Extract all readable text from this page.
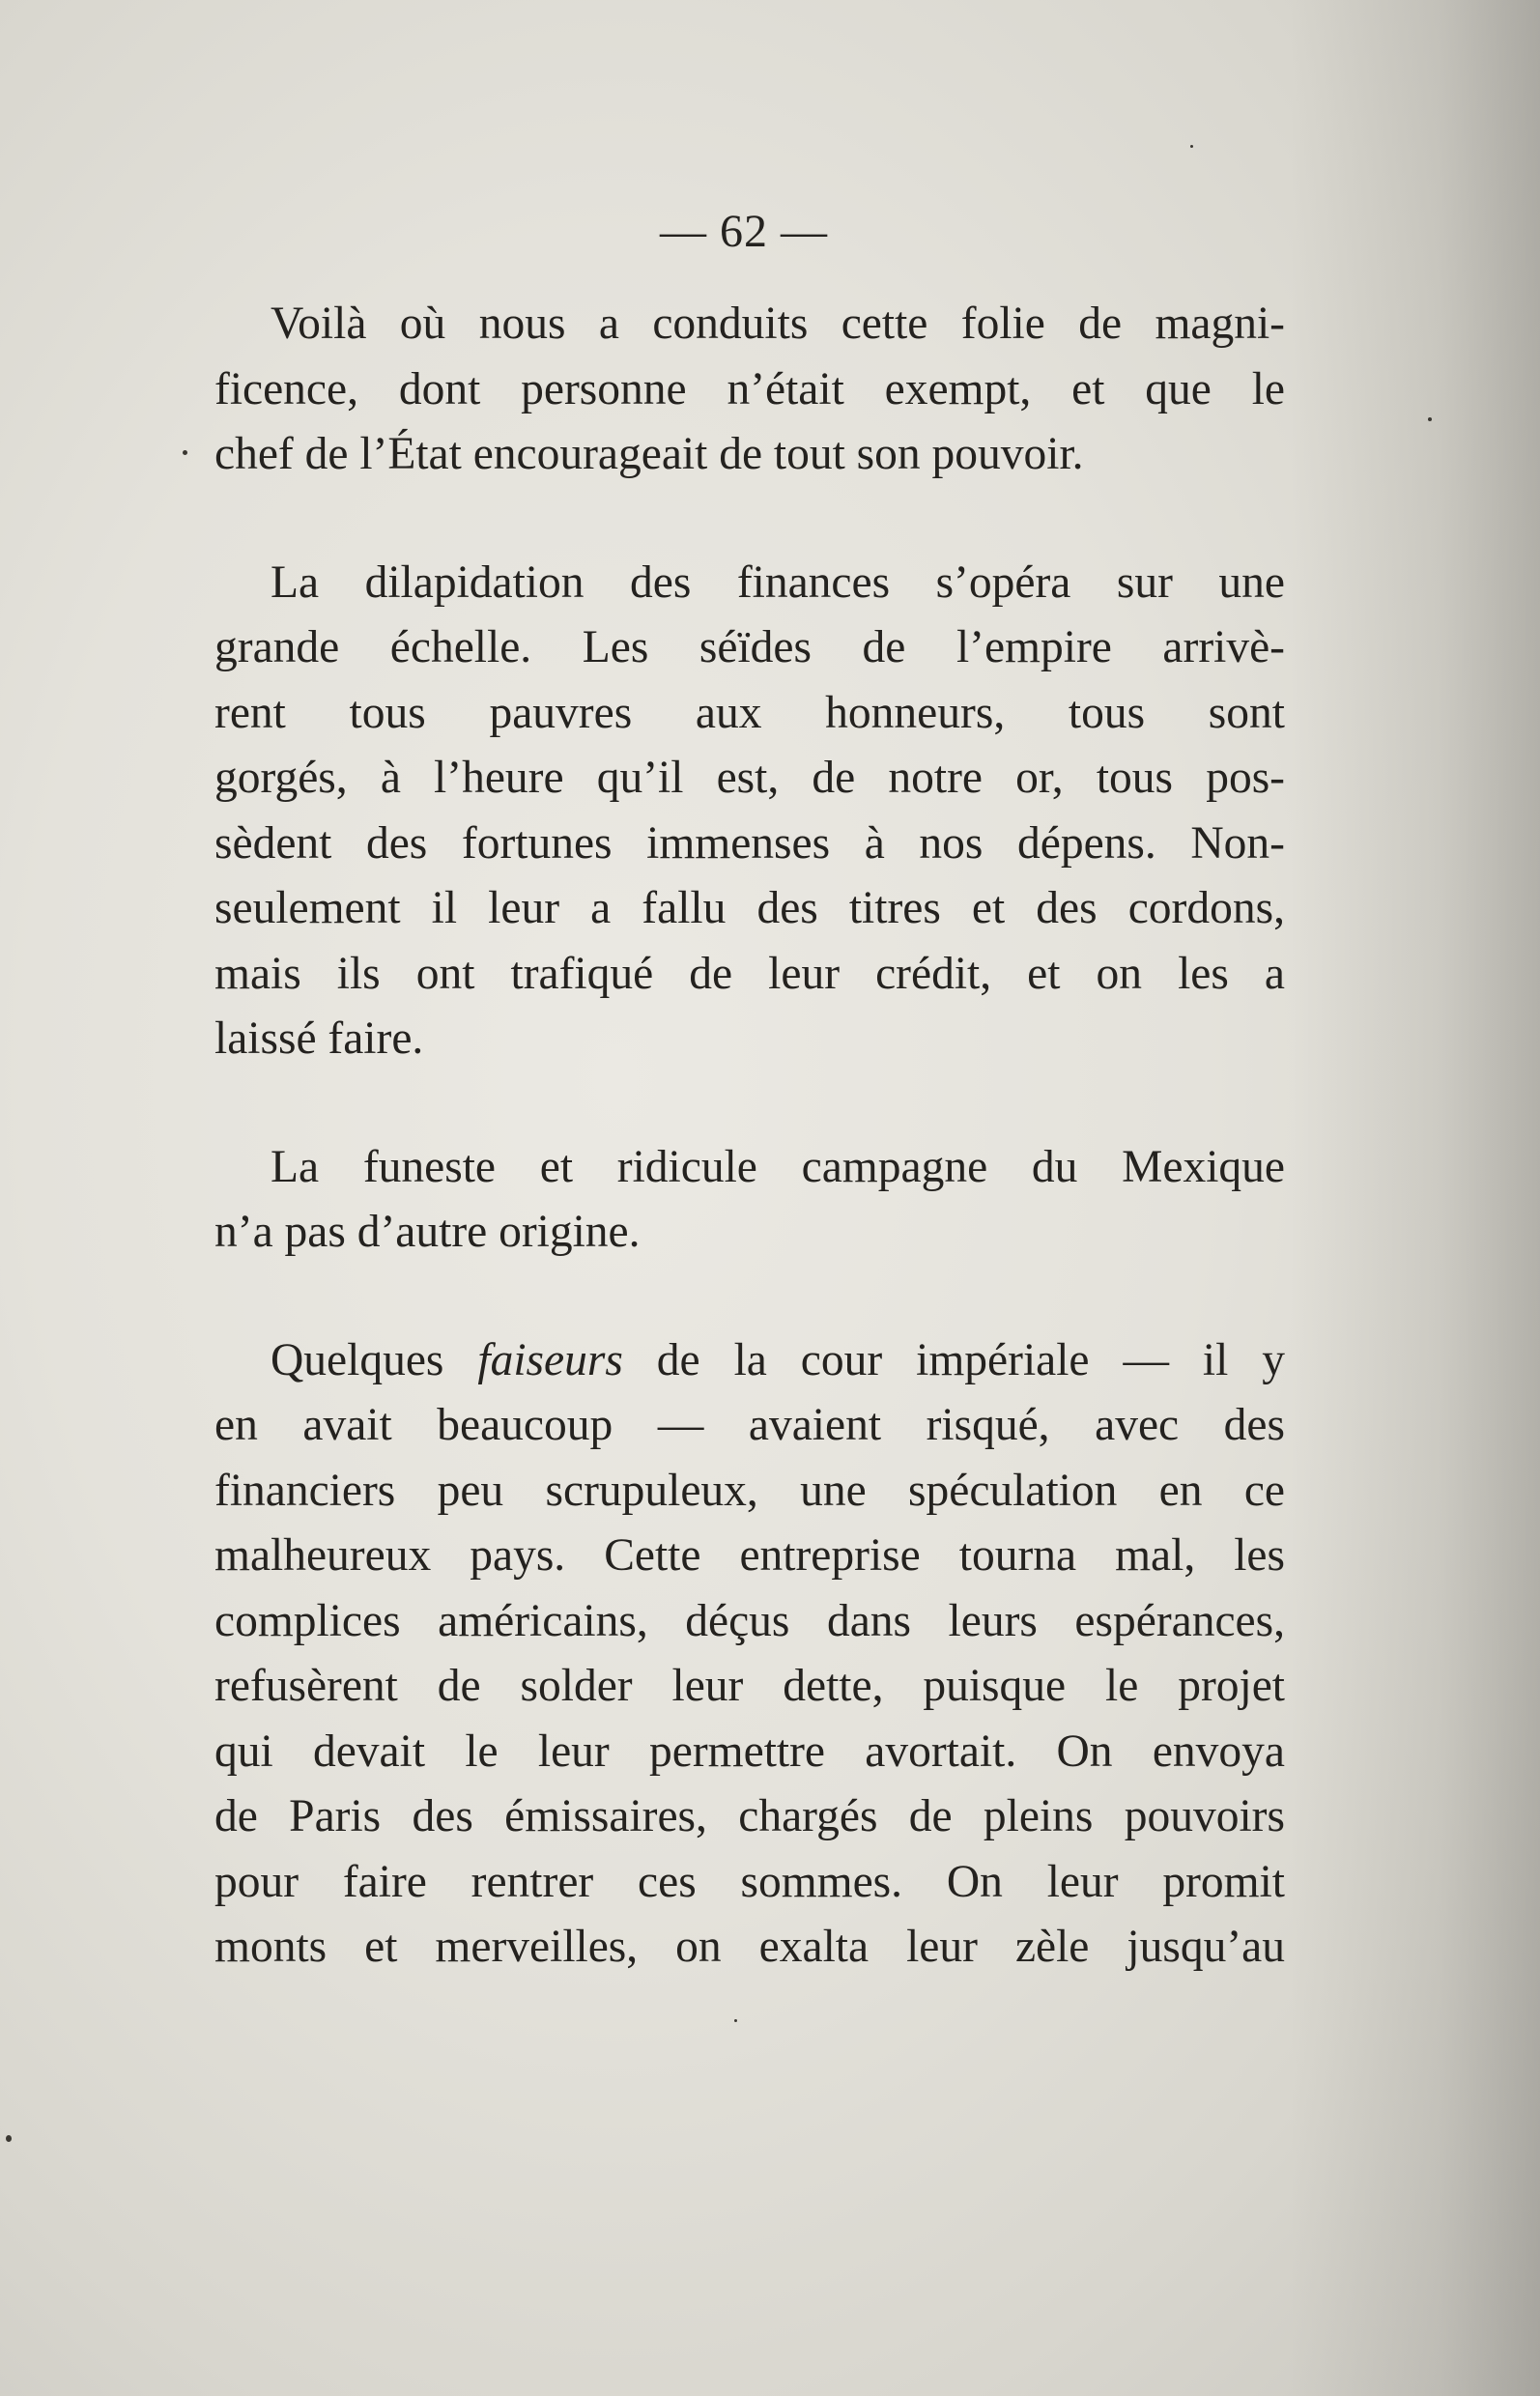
— 62 —

Voilà où nous a conduits cette folie de magni-
ficence, dont personne n’était exempt, et que le
chef de l’État encourageait de tout son pouvoir.

La dilapidation des finances s’opéra sur une
grande échelle. Les séïdes de l’empire arrivè-
rent tous pauvres aux honneurs, tous sont
gorgés, à l’heure qu’il est, de notre or, tous pos-
sèdent des fortunes immenses à nos dépens. Non-
seulement il leur a fallu des titres et des cordons,
mais ils ont trafiqué de leur crédit, et on les a
laissé faire.

La funeste et ridicule campagne du Mexique
n’a pas d’autre origine.

Quelques faiseurs de la cour impériale — il y
en avait beaucoup — avaient risqué, avec des
financiers peu scrupuleux, une spéculation en ce
malheureux pays. Cette entreprise tourna mal, les
complices américains, déçus dans leurs espérances,
refusèrent de solder leur dette, puisque le projet
qui devait le leur permettre avortait. On envoya
de Paris des émissaires, chargés de pleins pouvoirs
pour faire rentrer ces sommes. On leur promit
monts et merveilles, on exalta leur zèle jusqu’au
